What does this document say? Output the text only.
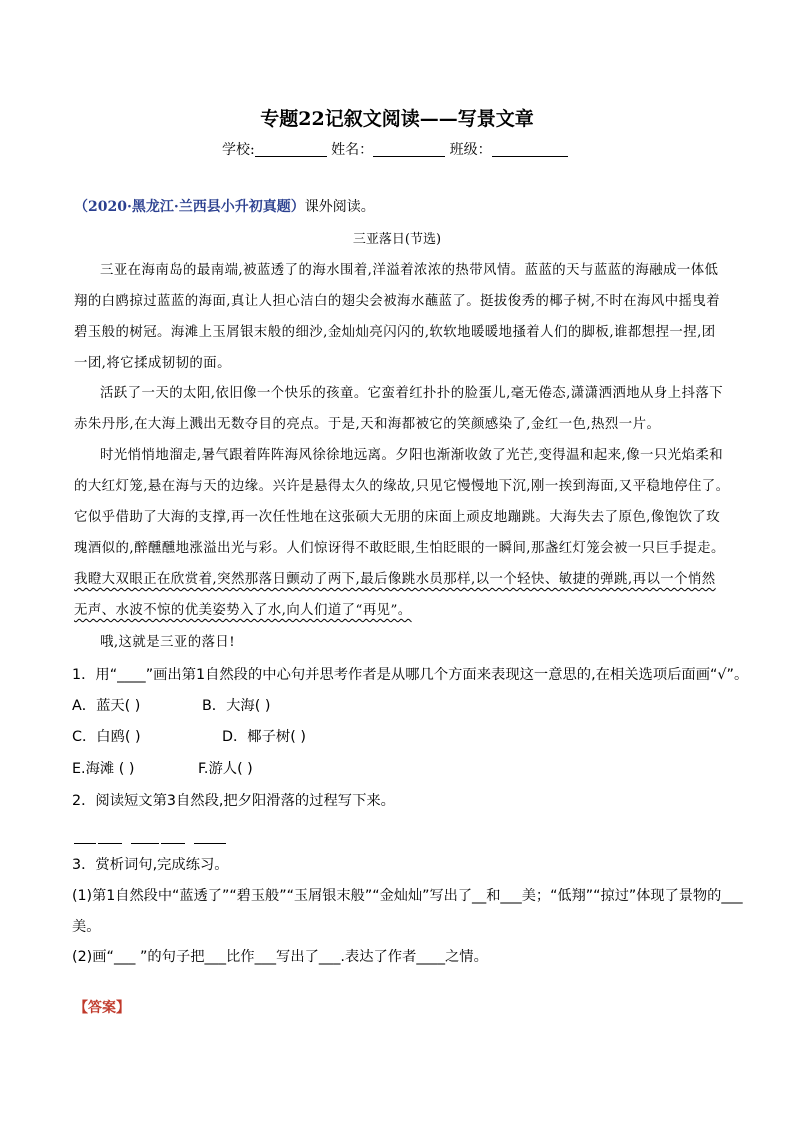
专题22记叙文阅读——写景文章
学校:	姓名：	班级：
（2020·黑龙江·兰西县小升初真题）课外阅读。
三亚落日(节选)
三亚在海南岛的最南端,被蓝透了的海水围着,洋溢着浓浓的热带风情。蓝蓝的天与蓝蓝的海融成一体低
翔的白鸥掠过蓝蓝的海面,真让人担心洁白的翅尖会被海水蘸蓝了。挺拔俊秀的椰子树,不时在海风中摇曳着
碧玉般的树冠。海滩上玉屑银末般的细沙,金灿灿亮闪闪的,软软地暖暖地搔着人们的脚板,谁都想捏一捏,团
一团,将它揉成韧韧的面。
活跃了一天的太阳,依旧像一个快乐的孩童。它蛮着红扑扑的脸蛋儿,毫无倦态,潇潇洒洒地从身上抖落下
赤朱丹彤,在大海上溅出无数夺目的亮点。于是,天和海都被它的笑颜感染了,金红一色,热烈一片。
时光悄悄地溜走,暑气跟着阵阵海风徐徐地远离。夕阳也渐渐收敛了光芒,变得温和起来,像一只光焰柔和
的大红灯笼,悬在海与天的边缘。兴许是悬得太久的缘故,只见它慢慢地下沉,刚一挨到海面,又平稳地停住了。
它似乎借助了大海的支撑,再一次任性地在这张硕大无朋的床面上顽皮地蹦跳。大海失去了原色,像饱饮了玫
瑰酒似的,醉醺醺地涨溢出光与彩。人们惊讶得不敢眨眼,生怕眨眼的一瞬间,那盏红灯笼会被一只巨手提走。
我瞪大双眼正在欣赏着,突然那落日颤动了两下,最后像跳水员那样,以一个轻快、敏捷的弹跳,再以一个悄然
无声、水波不惊的优美姿势入了水,向人们道了“再见”。
哦,这就是三亚的落日!
1．用“____”画出第1自然段的中心句并思考作者是从哪几个方面来表现这一意思的,在相关选项后面画“√”。
A．蓝天( )	B．大海( )
C．白鸥( )	D．椰子树( )
E.海滩 ( )	F.游人( )
2．阅读短文第3自然段,把夕阳滑落的过程写下来。

3．赏析词句,完成练习。
(1)第1自然段中“蓝透了”“碧玉般”“玉屑银末般”“金灿灿”写出了__和___美；“低翔”“掠过”体现了景物的___
美。
(2)画“___ ”的句子把___比作___写出了___.表达了作者____之情。
【答案】
